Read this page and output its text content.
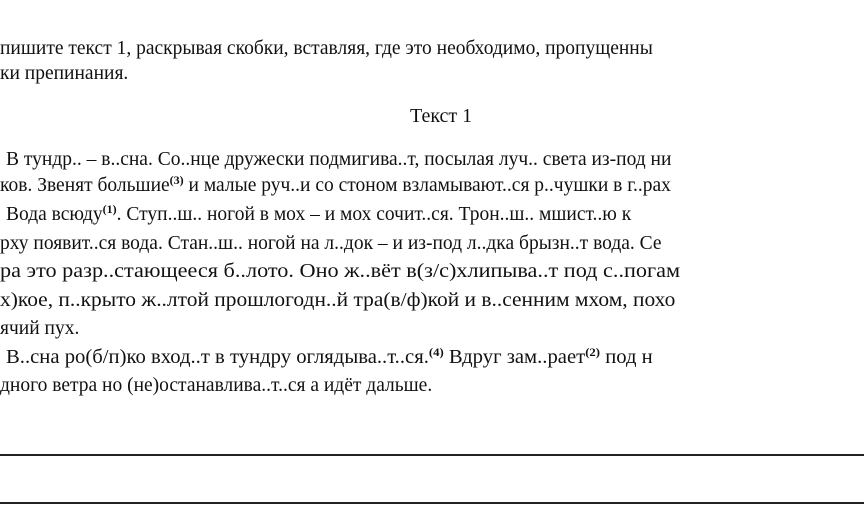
пишите текст 1, раскрывая скобки, вставляя, где это необходимо, пропущенны
ки препинания.
Текст 1
В тундр.. – в..сна. Со..нце дружески подмигива..т, посылая луч.. света из-под ни
ков. Звенят большие$^{(3)}$ и малые руч..и со стоном взламывают..ся р..чушки в г..рах
Вода всюду$^{(1)}$. Ступ..ш.. ногой в мох – и мох сочит..ся. Трон..ш.. мшист..ю к
рху появит..ся вода. Стан..ш.. ногой на л..док – и из-под л..дка брызн..т вода. Се
ра это разр..стающееся б..лото. Оно ж..вёт в(з/с)хлипыва..т под с..погам
х)кое, п..крыто ж..лтой прошлогодн..й тра(в/ф)кой и в..сенним мхом, похо
ячий пух.
В..сна ро(б/п)ко вход..т в тундру оглядыва..т..ся.$^{(4)}$ Вдруг зам..рает$^{(2)}$ под н
дного ветра но (не)останавлива..т..ся а идёт дальше.
